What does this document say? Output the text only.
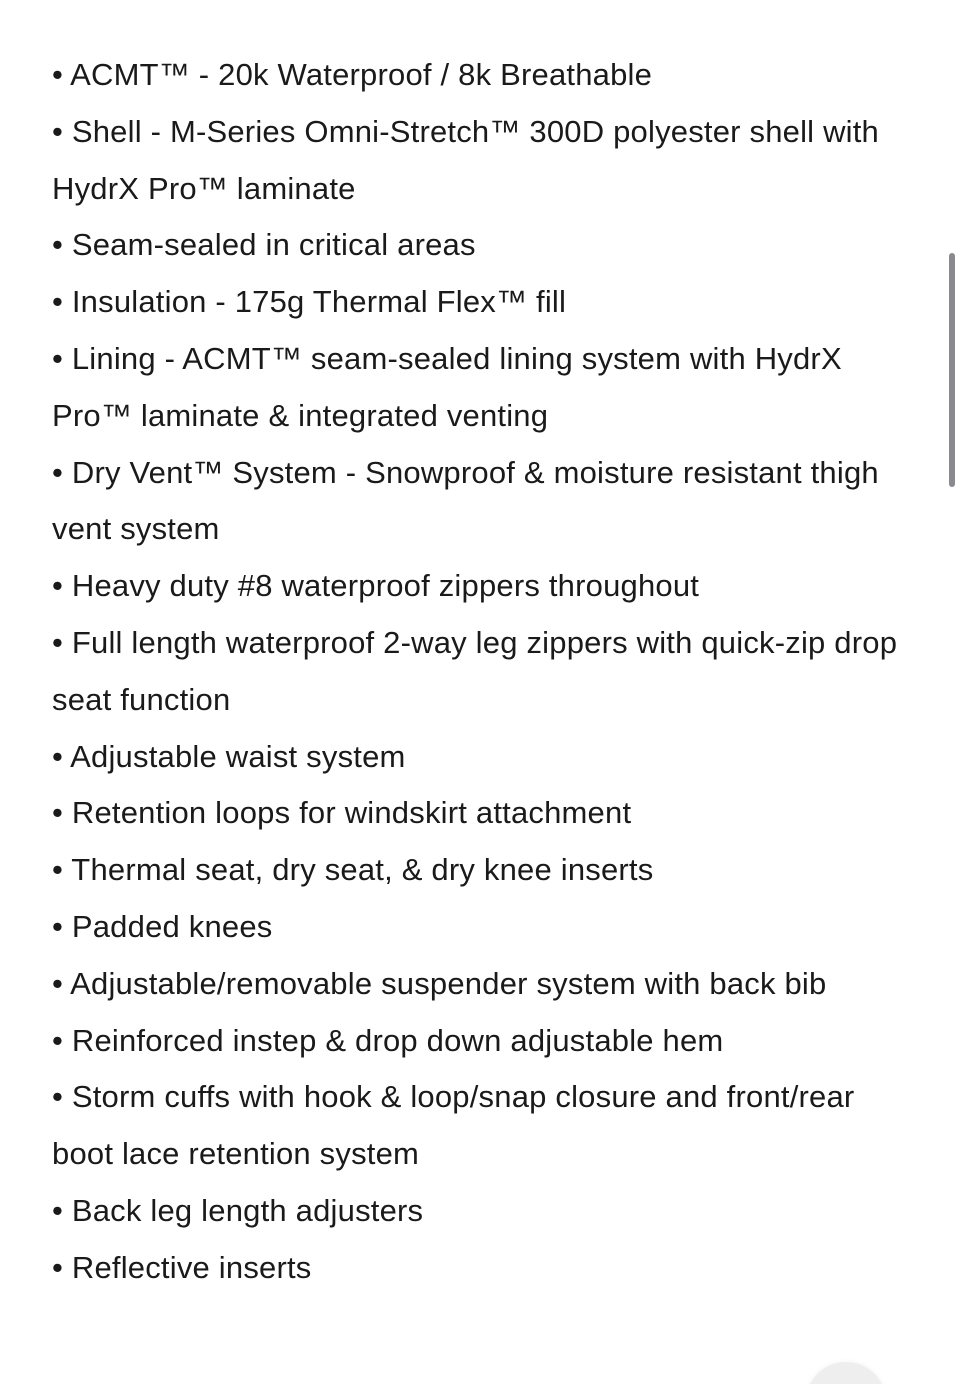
• ACMT™ - 20k Waterproof / 8k Breathable

• Shell - M-Series Omni-Stretch™ 300D polyester shell with HydrX Pro™ laminate

• Seam-sealed in critical areas

• Insulation - 175g Thermal Flex™ fill

• Lining - ACMT™ seam-sealed lining system with HydrX Pro™ laminate & integrated venting

• Dry Vent™ System - Snowproof & moisture resistant thigh vent system

• Heavy duty #8 waterproof zippers throughout

• Full length waterproof 2-way leg zippers with quick-zip drop seat function

• Adjustable waist system

• Retention loops for windskirt attachment

• Thermal seat, dry seat, & dry knee inserts

• Padded knees

• Adjustable/removable suspender system with back bib

• Reinforced instep & drop down adjustable hem

• Storm cuffs with hook & loop/snap closure and front/rear boot lace retention system

• Back leg length adjusters

• Reflective inserts
